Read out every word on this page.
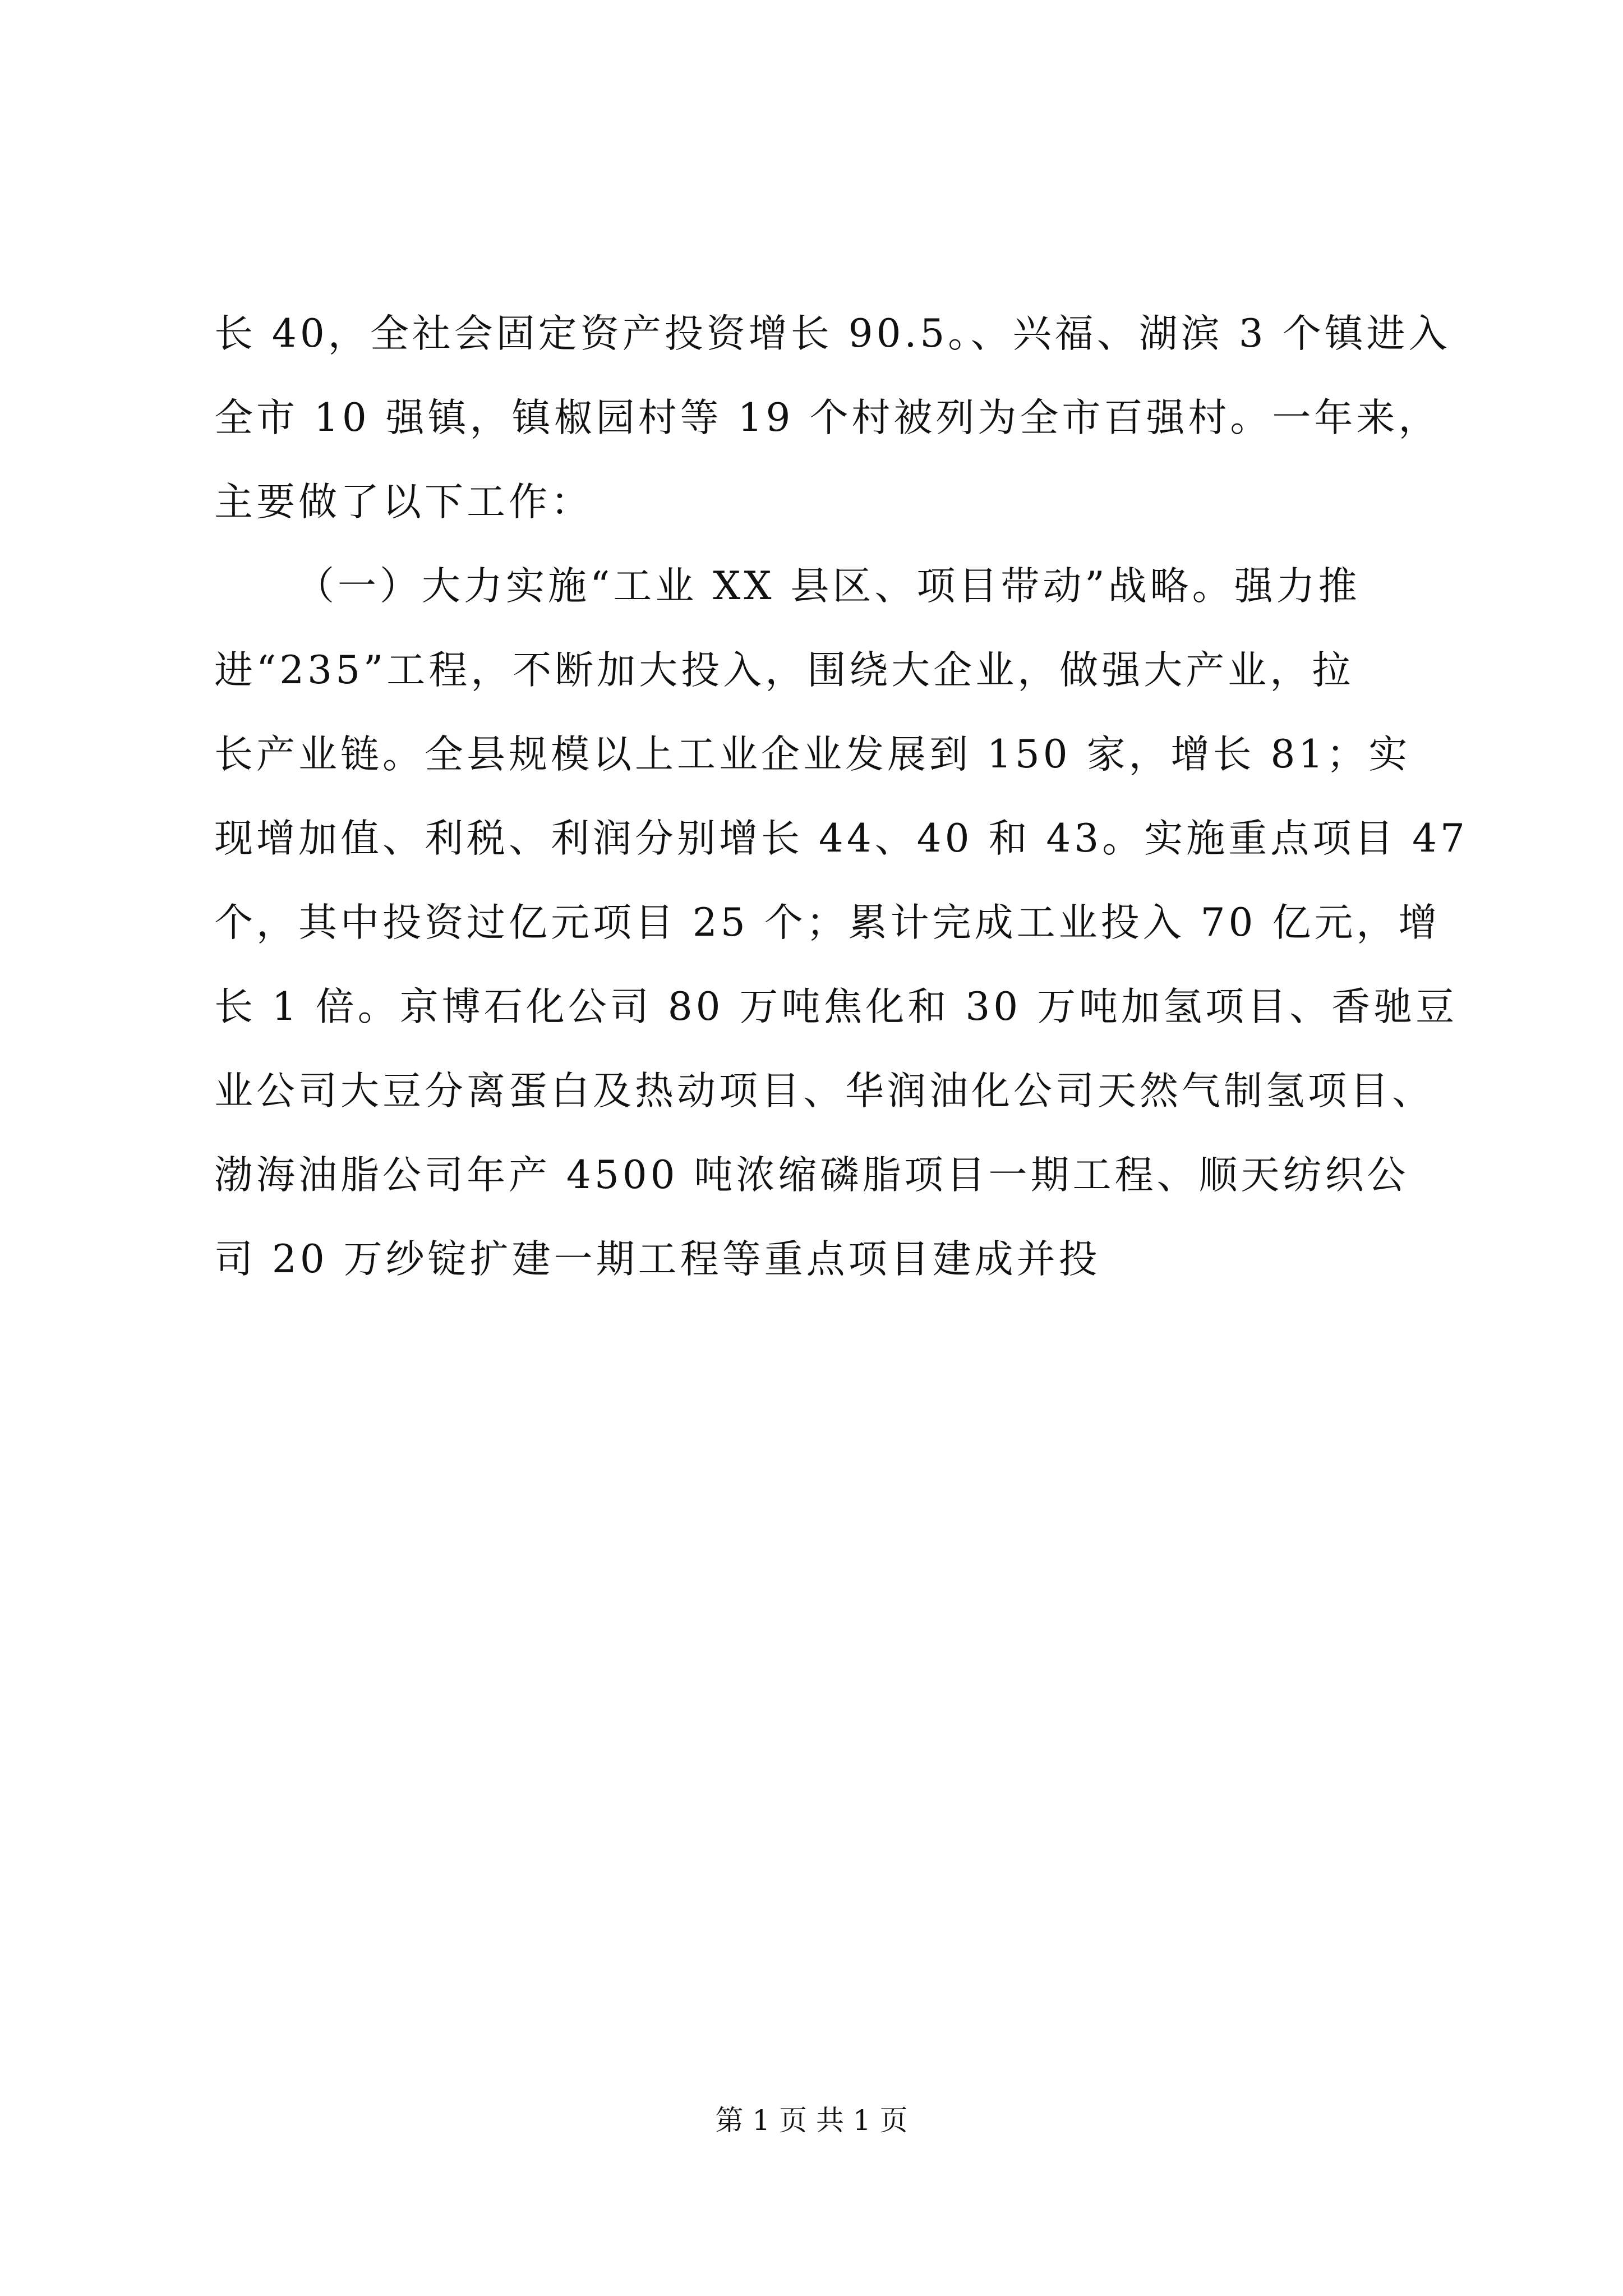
长 40，全社会固定资产投资增长 90.5。、兴福、湖滨 3 个镇进入
全市 10 强镇，镇椒园村等 19 个村被列为全市百强村。一年来，
主要做了以下工作：
（一）大力实施“工业 XX 县区、项目带动”战略。强力推
进“235”工程，不断加大投入，围绕大企业，做强大产业，拉
长产业链。全县规模以上工业企业发展到 150 家，增长 81；实
现增加值、利税、利润分别增长 44、40 和 43。实施重点项目 47
个，其中投资过亿元项目 25 个；累计完成工业投入 70 亿元，增
长 1 倍。京博石化公司 80 万吨焦化和 30 万吨加氢项目、香驰豆
业公司大豆分离蛋白及热动项目、华润油化公司天然气制氢项目、
渤海油脂公司年产 4500 吨浓缩磷脂项目一期工程、顺天纺织公
司 20 万纱锭扩建一期工程等重点项目建成并投
第 1 页 共 1 页
